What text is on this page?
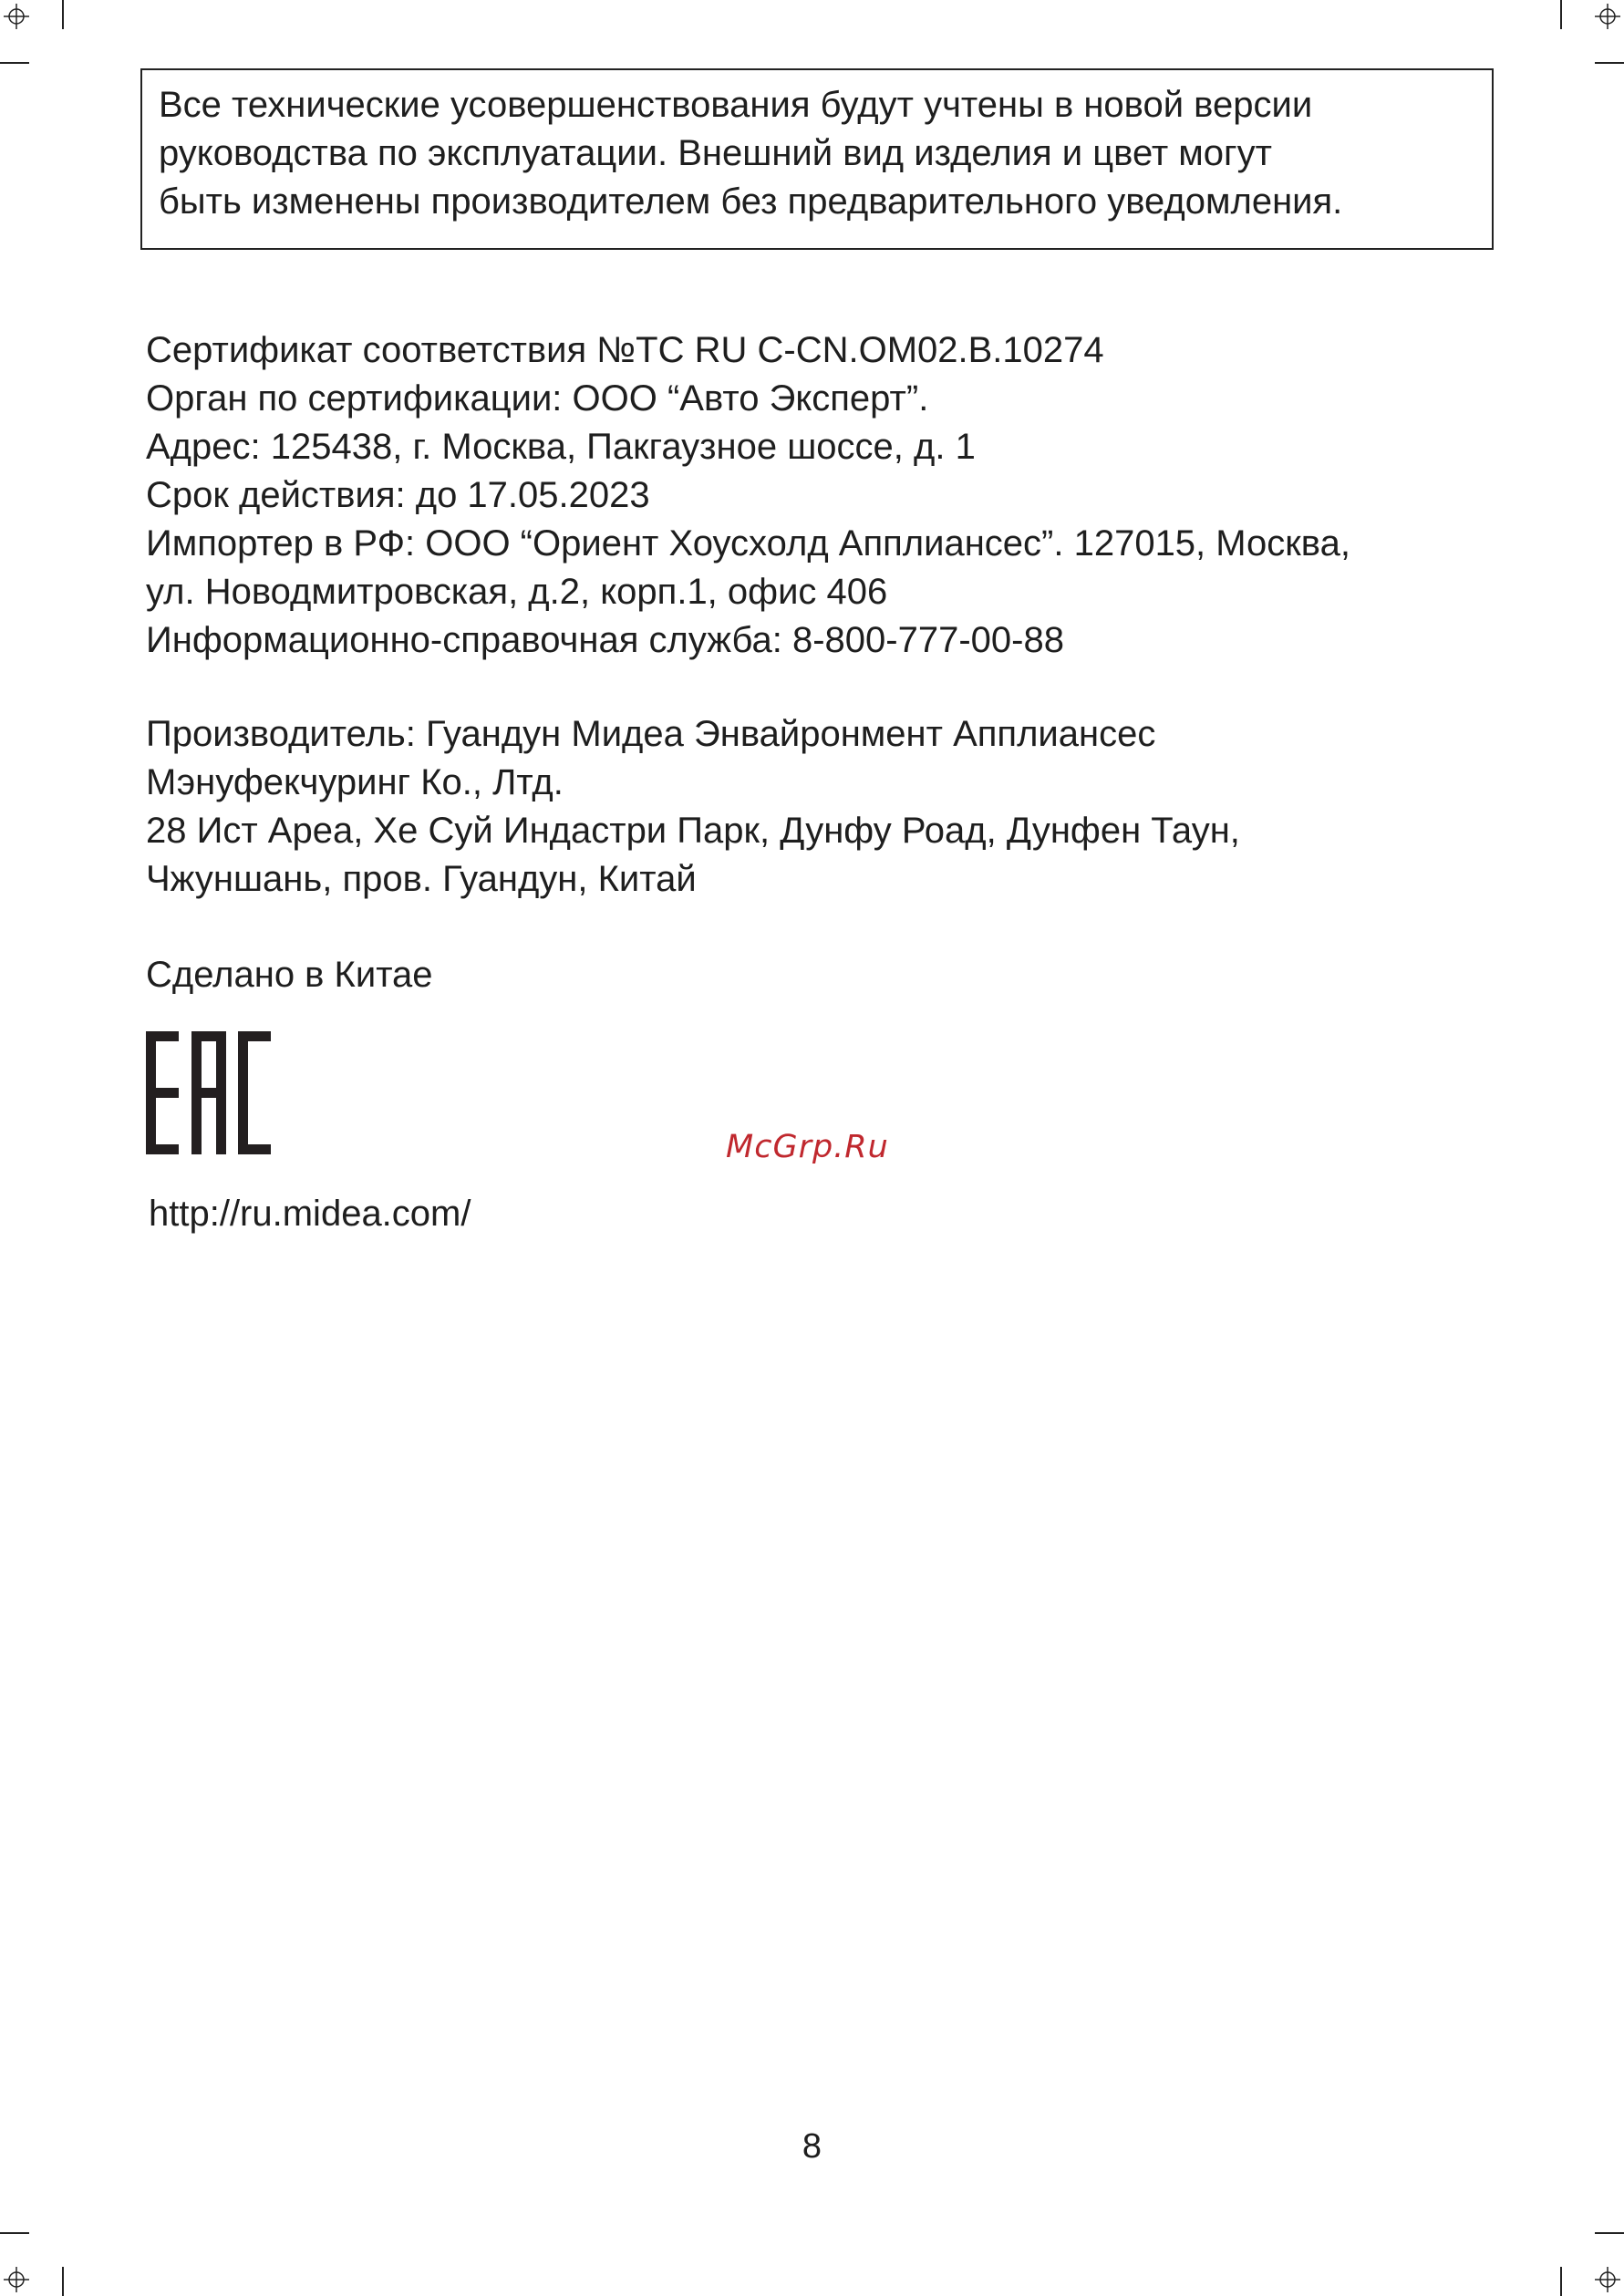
Все технические усовершенствования будут учтены в новой версии
руководства по эксплуатации. Внешний вид изделия и цвет могут
быть изменены производителем без предварительного уведомления.
Сертификат соответствия №TC RU C-CN.OM02.B.10274
Орган по сертификации: ООО “Авто Эксперт”.
Адрес: 125438, г. Москва, Пакгаузное шоссе, д. 1
Срок действия: до 17.05.2023
Импортер в РФ: ООО “Ориент Хоусхолд Апплиансес”. 127015, Москва,
ул. Новодмитровская, д.2, корп.1, офис 406
Информационно-справочная служба: 8-800-777-00-88
Производитель: Гуандун Мидеа Энвайронмент Апплиансес
Мэнуфекчуринг Ко., Лтд.
28 Ист Ареа, Хе Суй Индастри Парк, Дунфу Роад, Дунфен Таун,
Чжуншань, пров. Гуандун, Китай
Сделано в Китае
McGrp.Ru
http://ru.midea.com/
8
